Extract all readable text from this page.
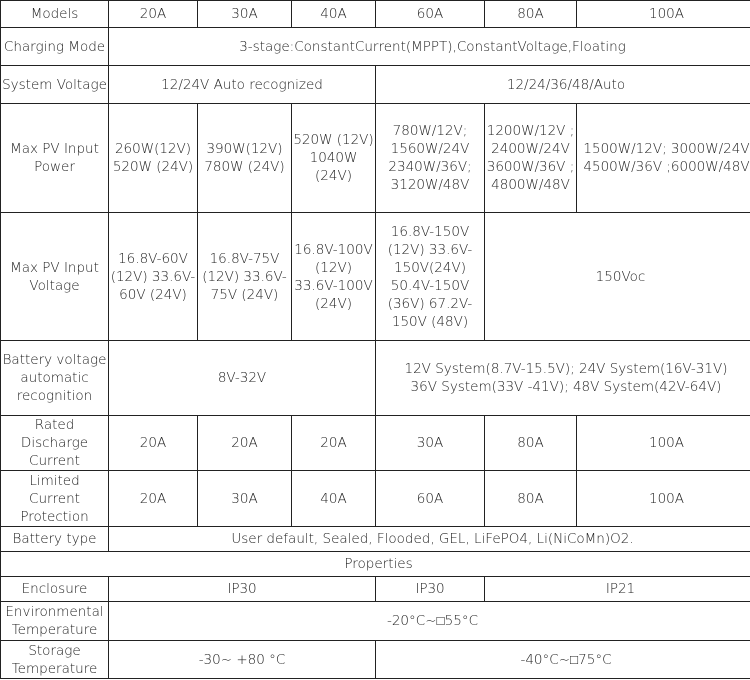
Models	20A	30A	40A	60A	80A	100A
Charging Mode	3-stage:ConstantCurrent(MPPT),ConstantVoltage,Floating					
System Voltage	12/24V Auto recognized			12/24/36/48/Auto		
Max PV Input Power	260W(12V) 520W (24V)	390W(12V) 780W (24V)	520W (12V) 1040W (24V)	780W/12V; 1560W/24V 2340W/36V; 3120W/48V	1200W/12V ; 2400W/24V 3600W/36V ; 4800W/48V	1500W/12V; 3000W/24V 4500W/36V ;6000W/48V
Max PV Input Voltage	16.8V-60V (12V) 33.6V-60V (24V)	16.8V-75V (12V) 33.6V-75V (24V)	16.8V-100V (12V) 33.6V-100V (24V)	16.8V-150V (12V) 33.6V-150V(24V) 50.4V-150V (36V) 67.2V-150V (48V)	150Voc	
Battery voltage automatic recognition	8V-32V			12V System(8.7V-15.5V); 24V System(16V-31V)
36V System(33V -41V); 48V System(42V-64V)		

Rated Discharge Current	20A	20A	20A	30A	80A	100A
Limited Current Protection	20A	30A	40A	60A	80A	100A
Battery type	User default, Sealed, Flooded, GEL, LiFePO4, Li(NiCoMn)O2.					
Properties						
Enclosure	IP30			IP30	IP21	
Environmental Temperature	-20°C~□55°C					
Storage Temperature	-30~ +80 °C			-40°C~□75°C		
